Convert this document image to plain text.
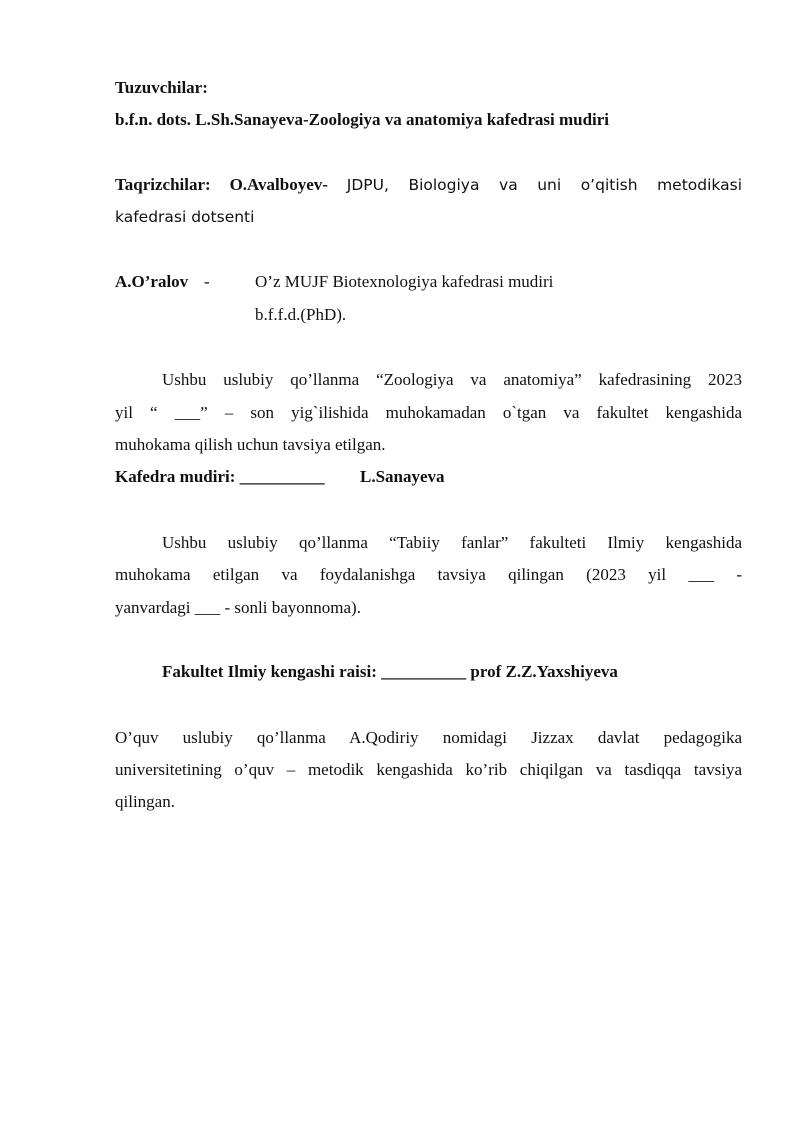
Tuzuvchilar:
b.f.n. dots. L.Sh.Sanayeva-Zoologiya va anatomiya kafedrasi mudiri
Taqrizchilar: O.Avalboyev- JDPU, Biologiya va uni o’qitish metodikasi
kafedrasi dotsenti
A.O’ralov -	O’z MUJF Biotexnologiya kafedrasi mudiri
b.f.f.d.(PhD).
Ushbu uslubiy qo’llanma “Zoologiya va anatomiya” kafedrasining 2023
yil “ ___” – son yig`ilishida muhokamadan o`tgan va fakultet kengashida
muhokama qilish uchun tavsiya etilgan.
Kafedra mudiri: __________	L.Sanayeva
Ushbu uslubiy qo’llanma “Tabiiy fanlar” fakulteti Ilmiy kengashida
muhokama etilgan va foydalanishga tavsiya qilingan (2023 yil ___ -
yanvardagi ___ - sonli bayonnoma).
Fakultet Ilmiy kengashi raisi: __________ prof Z.Z.Yaxshiyeva
O’quv uslubiy qo’llanma A.Qodiriy nomidagi Jizzax davlat pedagogika
universitetining o’quv – metodik kengashida ko’rib chiqilgan va tasdiqqa tavsiya
qilingan.
